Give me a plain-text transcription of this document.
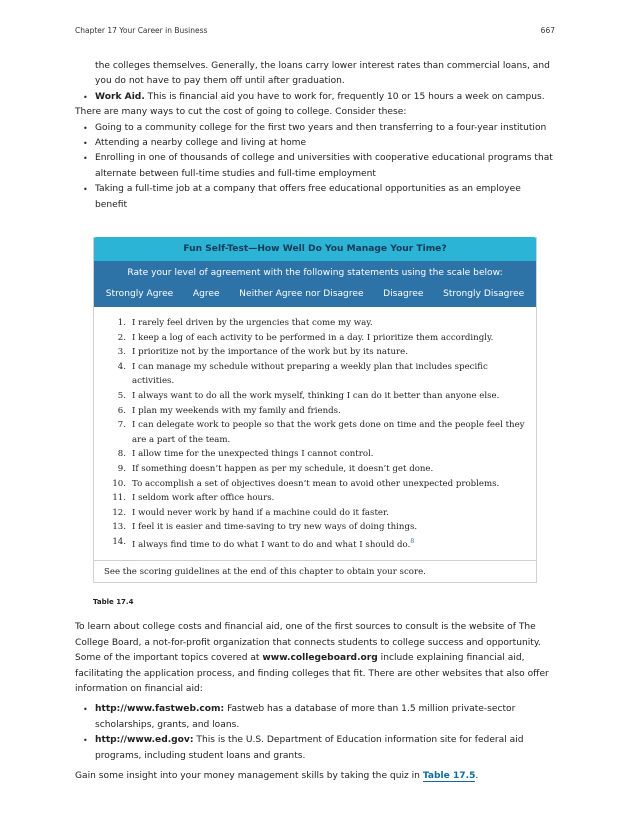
Chapter 17 Your Career in Business	667

the colleges themselves. Generally, the loans carry lower interest rates than commercial loans, and you do not have to pay them off until after graduation.

• Work Aid. This is financial aid you have to work for, frequently 10 or 15 hours a week on campus.

There are many ways to cut the cost of going to college. Consider these:

• Going to a community college for the first two years and then transferring to a four-year institution
• Attending a nearby college and living at home
• Enrolling in one of thousands of college and universities with cooperative educational programs that alternate between full-time studies and full-time employment
• Taking a full-time job at a company that offers free educational opportunities as an employee benefit
Fun Self-Test—How Well Do You Manage Your Time?
Rate your level of agreement with the following statements using the scale below:
Strongly Agree Agree Neither Agree nor Disagree Disagree Strongly Disagree
1. I rarely feel driven by the urgencies that come my way.
2. I keep a log of each activity to be performed in a day. I prioritize them accordingly.
3. I prioritize not by the importance of the work but by its nature.
4. I can manage my schedule without preparing a weekly plan that includes specific activities.
5. I always want to do all the work myself, thinking I can do it better than anyone else.
6. I plan my weekends with my family and friends.
7. I can delegate work to people so that the work gets done on time and the people feel they are a part of the team.
8. I allow time for the unexpected things I cannot control.
9. If something doesn’t happen as per my schedule, it doesn’t get done.
10. To accomplish a set of objectives doesn’t mean to avoid other unexpected problems.
11. I seldom work after office hours.
12. I would never work by hand if a machine could do it faster.
13. I feel it is easier and time-saving to try new ways of doing things.
14. I always find time to do what I want to do and what I should do.$^8$
See the scoring guidelines at the end of this chapter to obtain your score.
Table 17.4

To learn about college costs and financial aid, one of the first sources to consult is the website of The College Board, a not-for-profit organization that connects students to college success and opportunity. Some of the important topics covered at www.collegeboard.org include explaining financial aid, facilitating the application process, and finding colleges that fit. There are other websites that also offer information on financial aid:

• http://www.fastweb.com: Fastweb has a database of more than 1.5 million private-sector scholarships, grants, and loans.
• http://www.ed.gov: This is the U.S. Department of Education information site for federal aid programs, including student loans and grants.

Gain some insight into your money management skills by taking the quiz in Table 17.5.
